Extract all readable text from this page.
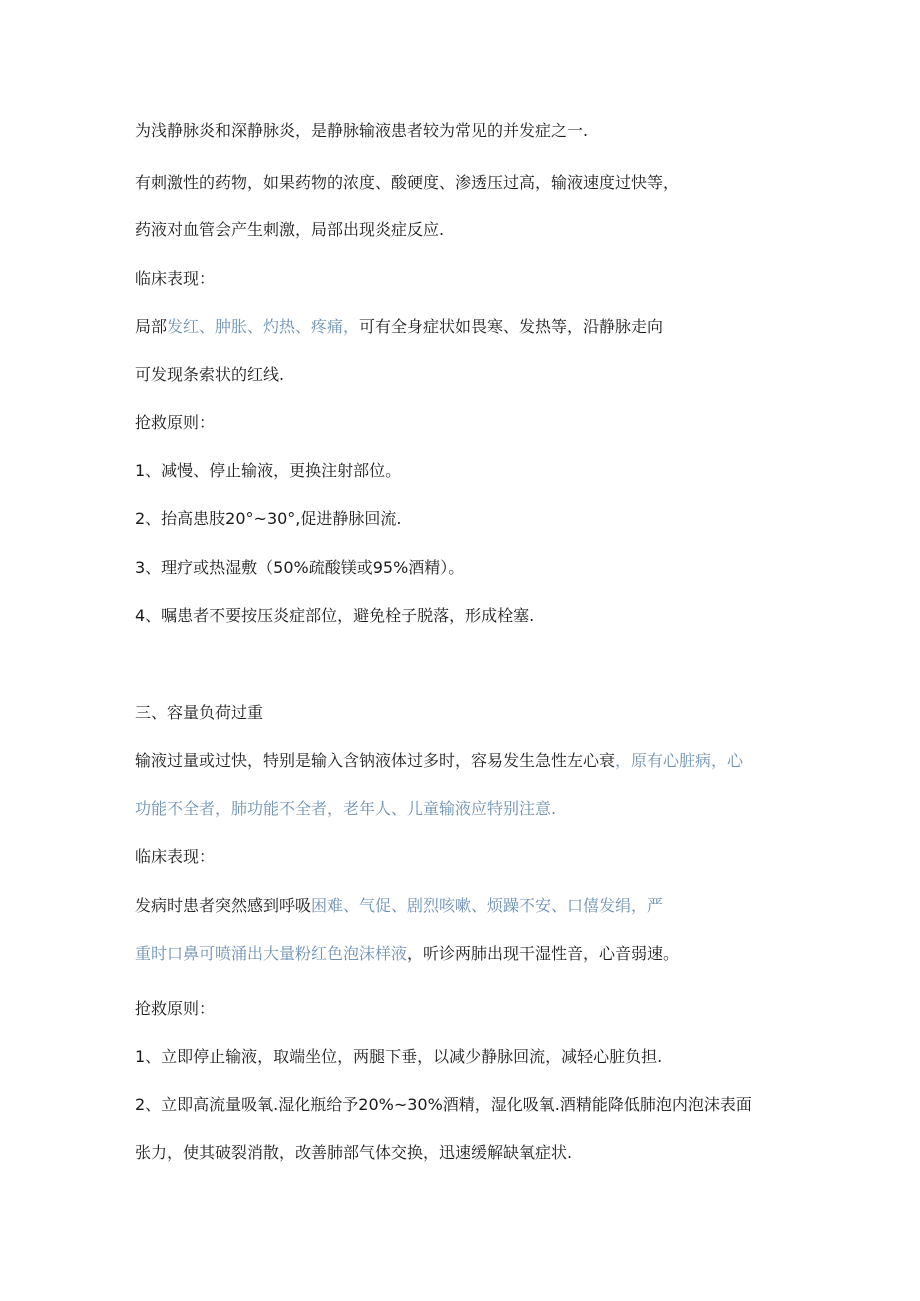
为浅静脉炎和深静脉炎，是静脉输液患者较为常见的并发症之一.
有刺激性的药物，如果药物的浓度、酸硬度、渗透压过高，输液速度过快等，
药液对血管会产生刺激，局部出现炎症反应.
临床表现：
局部发红、肿胀、灼热、疼痛，可有全身症状如畏寒、发热等，沿静脉走向
可发现条索状的红线.
抢救原则：
1、减慢、停止输液，更换注射部位。
2、抬高患肢20°~30°,促进静脉回流.
3、理疗或热湿敷（50%疏酸镁或95%酒精）。
4、嘱患者不要按压炎症部位，避免栓子脱落，形成栓塞.
三、容量负荷过重
输液过量或过快，特别是输入含钠液体过多时，容易发生急性左心衰，原有心脏病，心
功能不全者，肺功能不全者，老年人、儿童输液应特别注意.
临床表现：
发病时患者突然感到呼吸困难、气促、剧烈咳嗽、烦躁不安、口僖发绢，严
重时口鼻可喷涌出大量粉红色泡沫样液，听诊两肺出现干湿性音，心音弱速。
抢救原则：
1、立即停止输液，取端坐位，两腿下垂，以减少静脉回流，减轻心脏负担.
2、立即高流量吸氧.湿化瓶给予20%~30%酒精，湿化吸氧.酒精能降低肺泡内泡沫表面
张力，使其破裂消散，改善肺部气体交换，迅速缓解缺氧症状.
